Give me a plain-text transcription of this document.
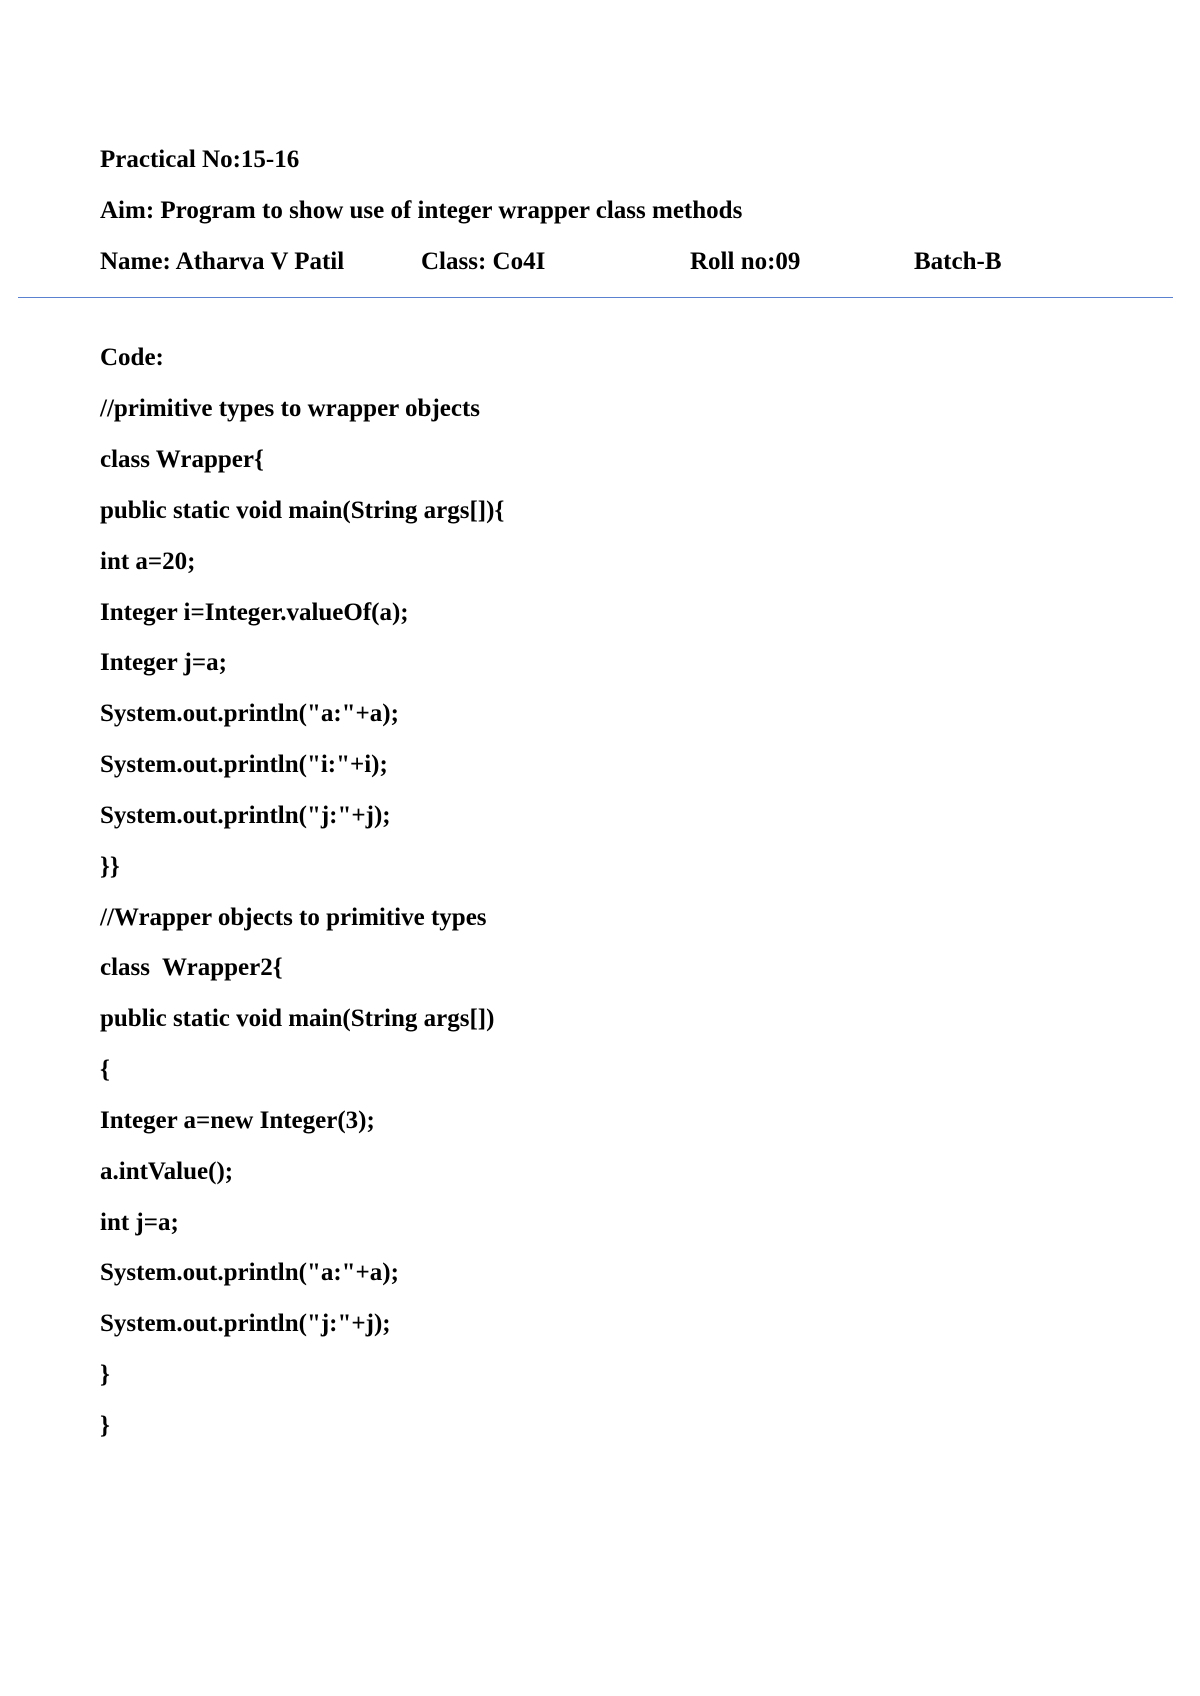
Practical No:15-16
Aim: Program to show use of integer wrapper class methods
Name: Atharva V Patil	Class: Co4I	Roll no:09	Batch-B
Code:
//primitive types to wrapper objects
class Wrapper{
public static void main(String args[]){
int a=20;
Integer i=Integer.valueOf(a);
Integer j=a;
System.out.println("a:"+a);
System.out.println("i:"+i);
System.out.println("j:"+j);
}}
//Wrapper objects to primitive types
class  Wrapper2{
public static void main(String args[])
{
Integer a=new Integer(3);
a.intValue();
int j=a;
System.out.println("a:"+a);
System.out.println("j:"+j);
}
}
